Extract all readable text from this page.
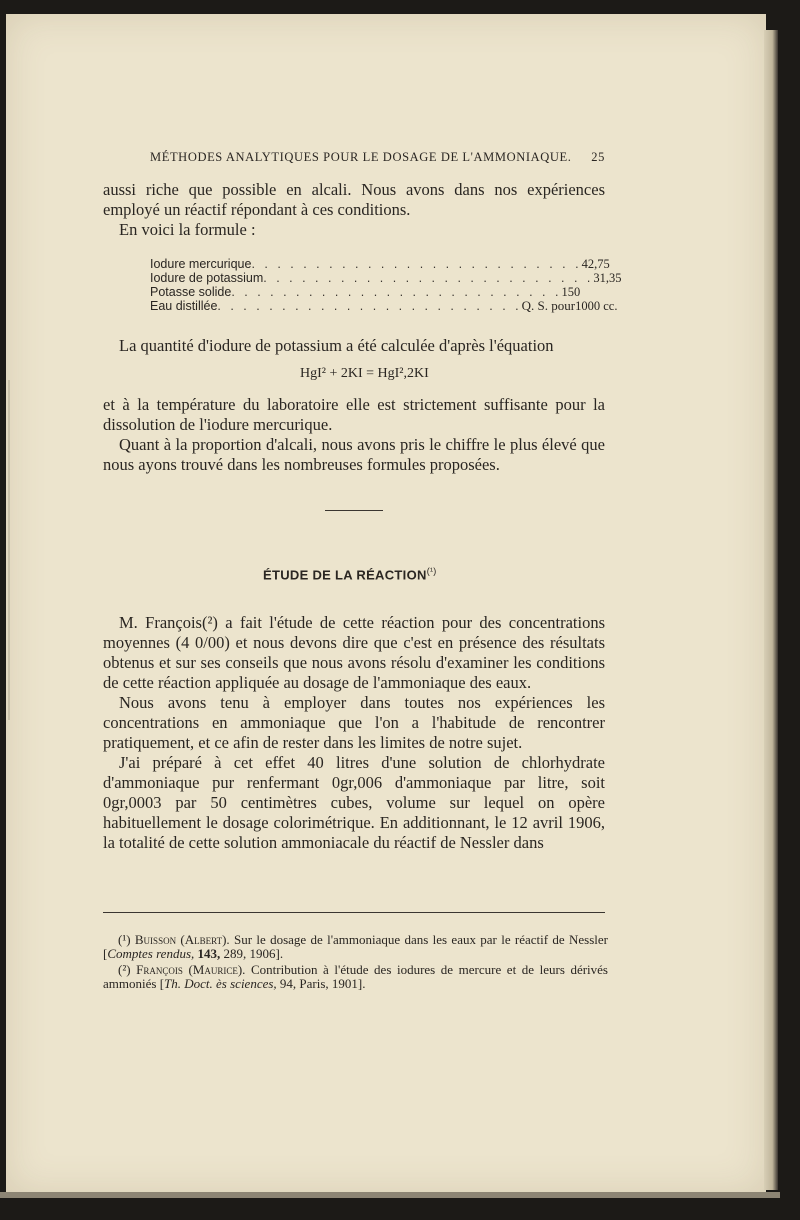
MÉTHODES ANALYTIQUES POUR LE DOSAGE DE L'AMMONIAQUE. 25

aussi riche que possible en alcali. Nous avons dans nos expériences employé un réactif répondant à ces conditions.

En voici la formule :

Iodure mercurique . . . . . . . . . . . . . . . . . . . . . . . . . . 42,75
Iodure de potassium . . . . . . . . . . . . . . . . . . . . . . . . . . 31,35
Potasse solide . . . . . . . . . . . . . . . . . . . . . . . . . . 150
Eau distillée . . . . . . . . . . . . . . . . . . . . . . . . Q. S. pour 1000 cc.

La quantité d'iodure de potassium a été calculée d'après l'équation

HgI² + 2KI = HgI²,2KI

et à la température du laboratoire elle est strictement suffisante pour la dissolution de l'iodure mercurique.

Quant à la proportion d'alcali, nous avons pris le chiffre le plus élevé que nous ayons trouvé dans les nombreuses formules proposées.

ÉTUDE DE LA $RÉACTION^{(^1)}$

M. François(²) a fait l'étude de cette réaction pour des concentrations moyennes (4 0/00) et nous devons dire que c'est en présence des résultats obtenus et sur ses conseils que nous avons résolu d'examiner les conditions de cette réaction appliquée au dosage de l'ammoniaque des eaux.

Nous avons tenu à employer dans toutes nos expériences les concentrations en ammoniaque que l'on a l'habitude de rencontrer pratiquement, et ce afin de rester dans les limites de notre sujet.

J'ai préparé à cet effet 40 litres d'une solution de chlorhydrate d'ammoniaque pur renfermant 0gr,006 d'ammoniaque par litre, soit 0gr,0003 par 50 centimètres cubes, volume sur lequel on opère habituellement le dosage colorimétrique. En additionnant, le 12 avril 1906, la totalité de cette solution ammoniacale du réactif de Nessler dans

(¹) Buisson (Albert). Sur le dosage de l'ammoniaque dans les eaux par le réactif de Nessler [Comptes rendus, 143, 289, 1906].

(²) François (Maurice). Contribution à l'étude des iodures de mercure et de leurs dérivés ammoniés [Th. Doct. ès sciences, 94, Paris, 1901].
